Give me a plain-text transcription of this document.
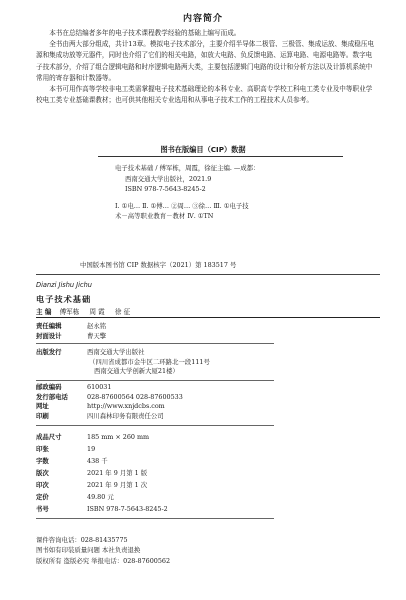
内容简介

本书在总结编者多年的电子技术课程教学经验的基础上编写而成。

全书由两大部分组成，共计13章。模拟电子技术部分，主要介绍半导体二极管、三极管、集成运放、集成稳压电源和集成功放等元器件，同时也介绍了它们的相关电路，如放大电路、负反馈电路、运算电路、电源电路等。数字电子技术部分，介绍了组合逻辑电路和时序逻辑电路两大类，主要包括逻辑门电路的设计和分析方法以及计算机系统中常用的寄存器和计数器等。

本书可用作高等学校非电工类需掌握电子技术基础理论的本科专业、高职高专学校工科电工类专业及中等职业学校电工类专业基础课教材；也可供其他相关专业选用和从事电子技术工作的工程技术人员参考。

图书在版编目（CIP）数据
电子技术基础 / 傅军栋，周霞，徐征主编. —成都：
西南交通大学出版社，2021.9
ISBN 978-7-5643-8245-2
Ⅰ. ①电… Ⅱ. ①傅… ②周… ③徐… Ⅲ. ①电子技
术－高等职业教育－教材 Ⅳ. ①TN
中国版本图书馆 CIP 数据核字（2021）第 183517 号
Dianzi Jishu Jichu
电子技术基础
主 编 傅军栋 周 霞 徐 征
责任编辑	赵永铭
封面设计	曹天擎
出版发行	西南交通大学出版社
（四川省成都市金牛区二环路北一段111号
西南交通大学创新大厦21楼）
邮政编码	610031
发行部电话	028-87600564 028-87600533
网址	http://www.xnjdcbs.com
印刷	四川森林印务有限责任公司
成品尺寸	185 mm × 260 mm
印张	19
字数	438 千
版次	2021 年 9 月第 1 版
印次	2021 年 9 月第 1 次
定价	49.80 元
书号	ISBN 978-7-5643-8245-2
课件咨询电话：028-81435775
图书如有印装质量问题 本社负责退换
版权所有 盗版必究 举报电话：028-87600562
